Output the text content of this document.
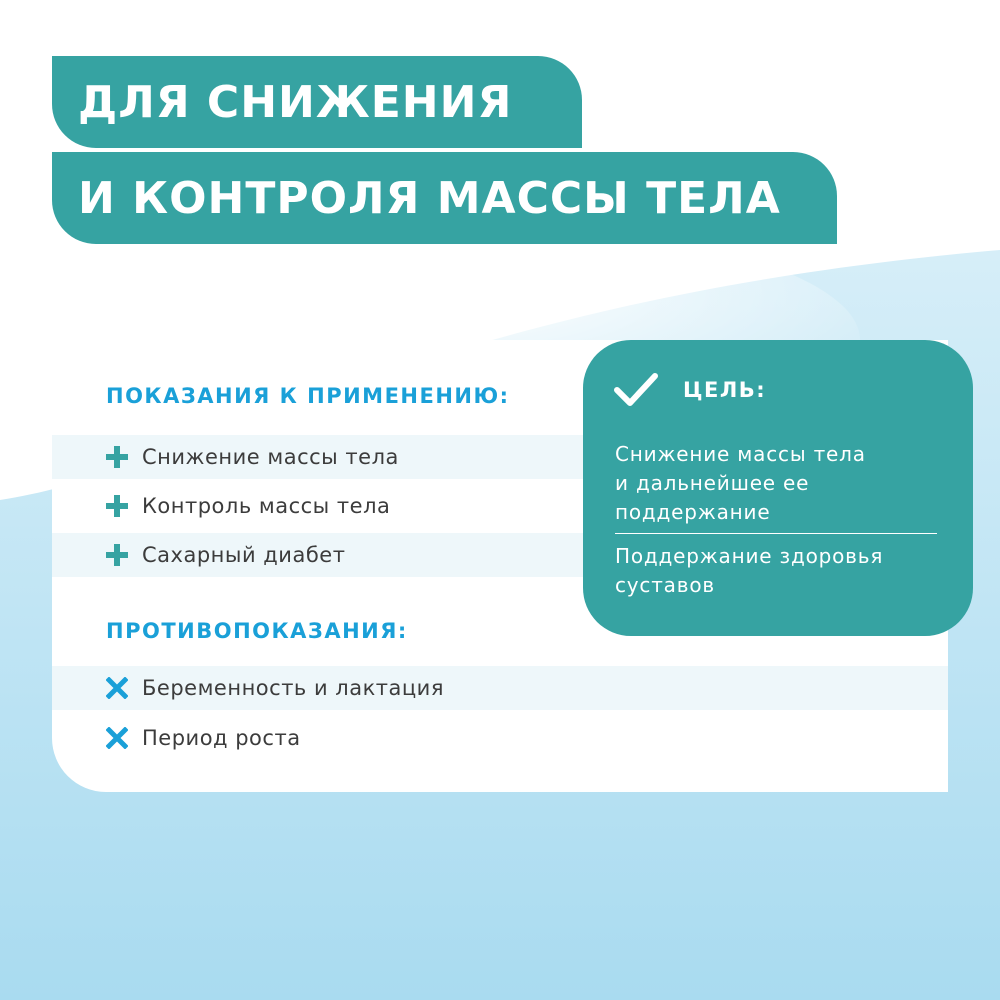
ДЛЯ СНИЖЕНИЯ
И КОНТРОЛЯ МАССЫ ТЕЛА
ПОКАЗАНИЯ К ПРИМЕНЕНИЮ:
Снижение массы тела
Контроль массы тела
Сахарный диабет
ПРОТИВОПОКАЗАНИЯ:
Беременность и лактация
Период роста
ЦЕЛЬ:
Снижение массы тела
и дальнейшее ее
поддержание
Поддержание здоровья
суставов
